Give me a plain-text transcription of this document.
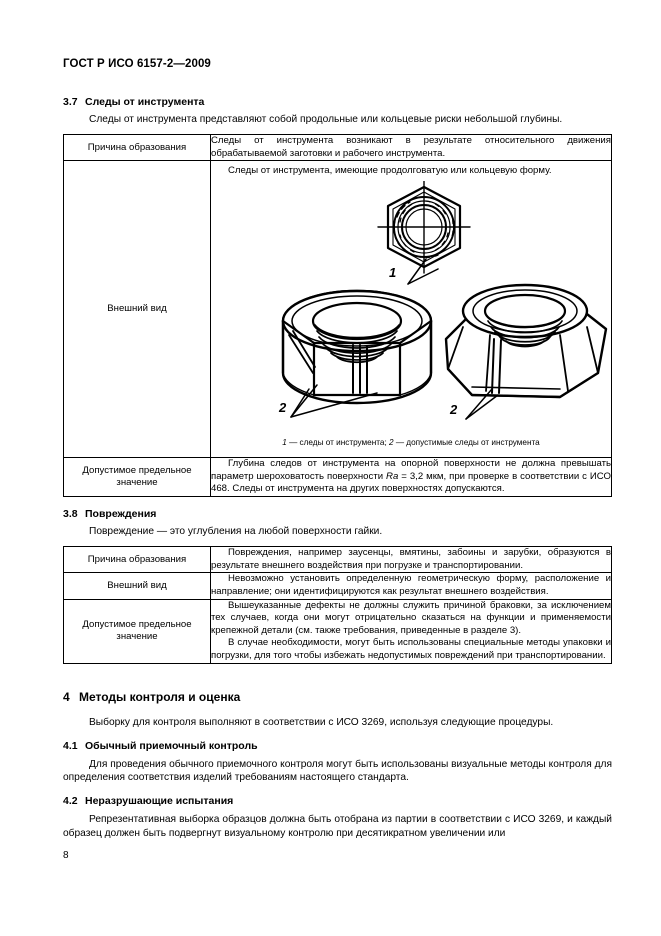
ГОСТ Р ИСО 6157-2—2009
3.7 Следы от инструмента

Следы от инструмента представляют собой продольные или кольцевые риски небольшой глубины.

Причина образования	Следы от инструмента возникают в результате относительного движения обрабатываемой заготовки и рабочего инструмента.
Внешний вид	Следы от инструмента, имеющие продолговатую или кольцевую форму.
1
2 2
1 — следы от инструмента; 2 — допустимые следы от инструмента

Допустимое предельное значение	Глубина следов от инструмента на опорной поверхности не должна превышать параметр шероховатость поверхности Ra = 3,2 мкм, при проверке в соответствии с ИСО 468. Следы от инструмента на других поверхностях допускаются.

3.8 Повреждения

Повреждение — это углубления на любой поверхности гайки.

Причина образования	Повреждения, например заусенцы, вмятины, забоины и зарубки, образуются в результате внешнего воздействия при погрузке и транспортировании.

Внешний вид	Невозможно установить определенную геометрическую форму, расположение и направление; они идентифицируются как результат внешнего воздействия.

Допустимое предельное значение	Вышеуказанные дефекты не должны служить причиной браковки, за исключением тех случаев, когда они могут отрицательно сказаться на функции и применяемости крепежной детали (см. также требования, приведенные в разделе 3).

В случае необходимости, могут быть использованы специальные методы упаковки и погрузки, для того чтобы избежать недопустимых повреждений при транспортировании.

4 Методы контроля и оценка

Выборку для контроля выполняют в соответствии с ИСО 3269, используя следующие процедуры.

4.1 Обычный приемочный контроль

Для проведения обычного приемочного контроля могут быть использованы визуальные методы контроля для определения соответствия изделий требованиям настоящего стандарта.

4.2 Неразрушающие испытания

Репрезентативная выборка образцов должна быть отобрана из партии в соответствии с ИСО 3269, и каждый образец должен быть подвергнут визуальному контролю при десятикратном увеличении или

8
